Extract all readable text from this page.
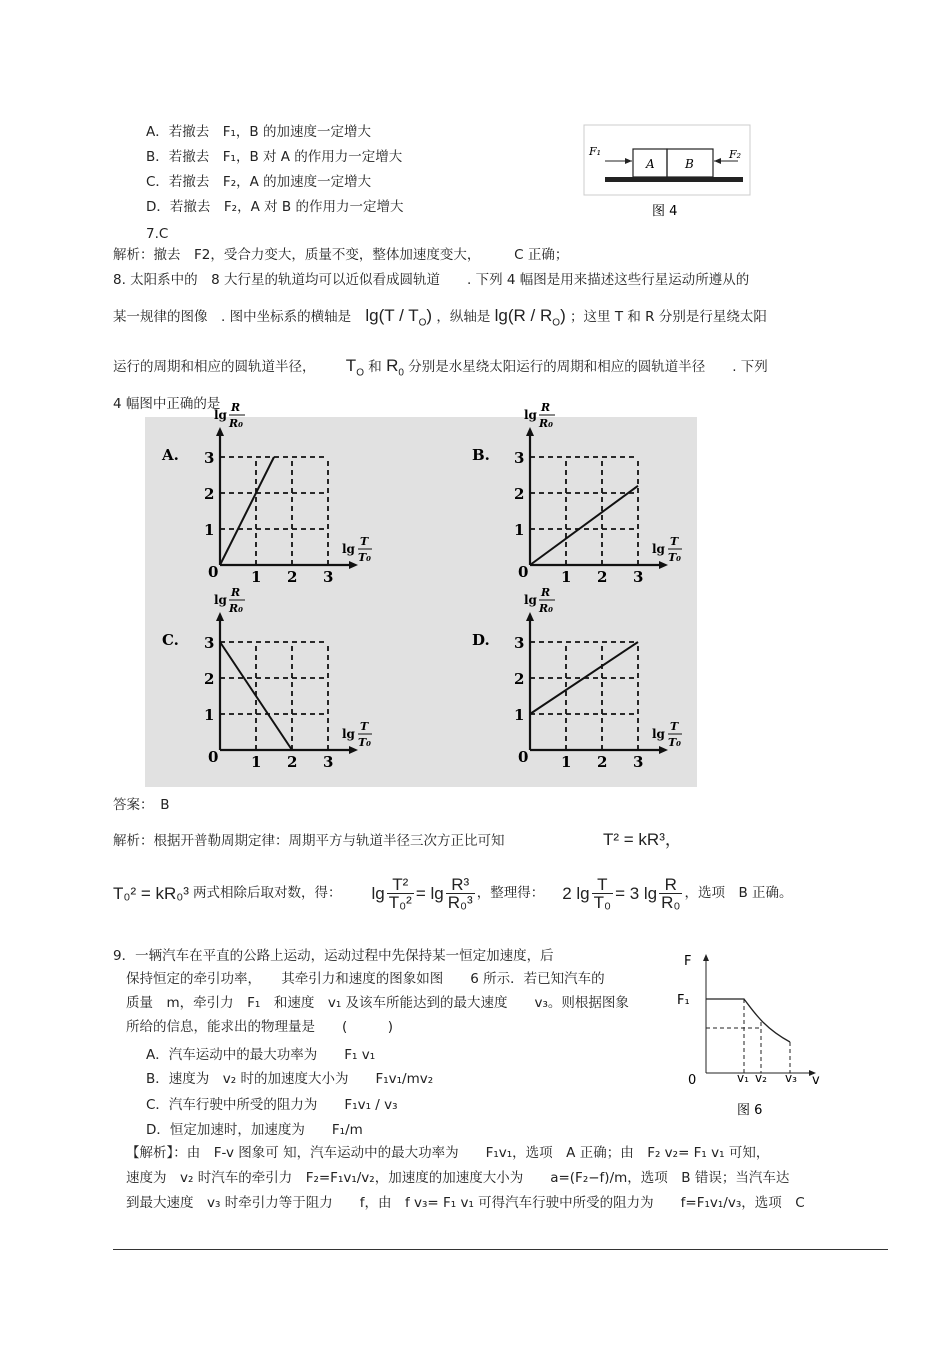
A．若撤去　F₁，B 的加速度一定增大
B．若撤去　F₁，B 对 A 的作用力一定增大
C．若撤去　F₂，A 的加速度一定增大
D．若撤去　F₂，A 对 B 的作用力一定增大
7.C
解析：撤去　F2，受合力变大，质量不变，整体加速度变大，　　　C 正确；
F₁	F₂
A	B
图 4
8. 太阳系中的　8 大行星的轨道均可以近似看成圆轨道　　. 下列 4 幅图是用来描述这些行星运动所遵从的
某一规律的图像　. 图中坐标系的横轴是 $\lg(T / T_O)$ ，纵轴是 $\lg(R / R_O)$ ；这里 T 和 R 分别是行星绕太阳
运行的周期和相应的圆轨道半径， $T_O$ 和 $R_0$ 分别是水星绕太阳运行的周期和相应的圆轨道半径　　. 下列
4 幅图中正确的是
0 1
1
2
2
3
3
lg
R
R₀
lg
T
T₀
A.
0 1
1
2
2
3
3
lg
R
R₀
lg
T
T₀
B.
0 1
1
2
2
3
3
lg
R
R₀
lg
T
T₀
C.
0 1
1
2
2
3
3
lg
R
R₀
lg
T
T₀
D.
答案：　B
解析：根据开普勒周期定律：周期平方与轨道半径三次方正比可知	T² = kR³，
T₀² = kR₀³ 两式相除后取对数，得： $\lg \frac{\text{T²}}{\text{T₀²}} = \lg \frac{\text{R³}}{\text{R₀³}}$ ，整理得： 2 $\lg \frac{T}{\text{T₀}} = 3$ $\lg \frac{R}{\text{R₀}}$ ，选项　B 正确。
9．一辆汽车在平直的公路上运动，运动过程中先保持某一恒定加速度，后
保持恒定的牵引功率，　　其牵引力和速度的图象如图　　6 所示．若已知汽车的
质量　m，牵引力　F₁　和速度　v₁ 及该车所能达到的最大速度　　v₃。则根据图象
所给的信息，能求出的物理量是　　(　　　)
A．汽车运动中的最大功率为　　F₁ v₁
B．速度为　v₂ 时的加速度大小为　　F₁v₁/mv₂
C．汽车行驶中所受的阻力为　　F₁v₁ / v₃
D．恒定加速时，加速度为　　F₁/m
【解析】：由　F-v 图象可 知，汽车运动中的最大功率为　　F₁v₁，选项　A 正确；由　F₂ v₂= F₁ v₁ 可知，
速度为　v₂ 时汽车的牵引力　F₂=F₁v₁/v₂，加速度的加速度大小为　　a=(F₂−f)/m，选项　B 错误；当汽车达
到最大速度　v₃ 时牵引力等于阻力　　f，由　f v₃= F₁ v₁ 可得汽车行驶中所受的阻力为　　f=F₁v₁/v₃，选项　C
F
F₁
0	v₁ v₂ v₃ v
图 6
